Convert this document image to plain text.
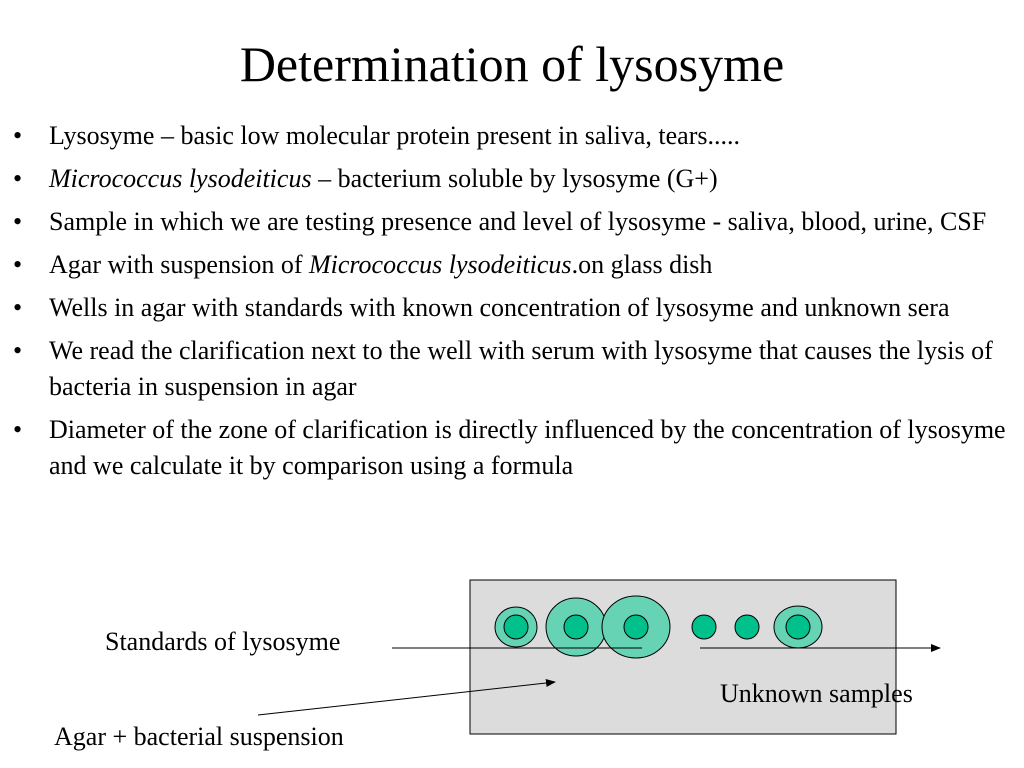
Determination of lysosyme
• Lysosyme – basic low molecular protein present in saliva, tears.....
• Micrococcus lysodeiticus – bacterium soluble by lysosyme (G+)
• Sample in which we are testing presence and level of lysosyme - saliva, blood, urine, CSF
• Agar with suspension of Micrococcus lysodeiticus.on glass dish
• Wells in agar with standards with known concentration of lysosyme and unknown sera
• We read the clarification next to the well with serum with lysosyme that causes the lysis of bacteria in suspension in agar
• Diameter of the zone of clarification is directly influenced by the concentration of lysosyme and we calculate it by comparison using a formula
Standards of lysosyme
Unknown samples
Agar + bacterial suspension
